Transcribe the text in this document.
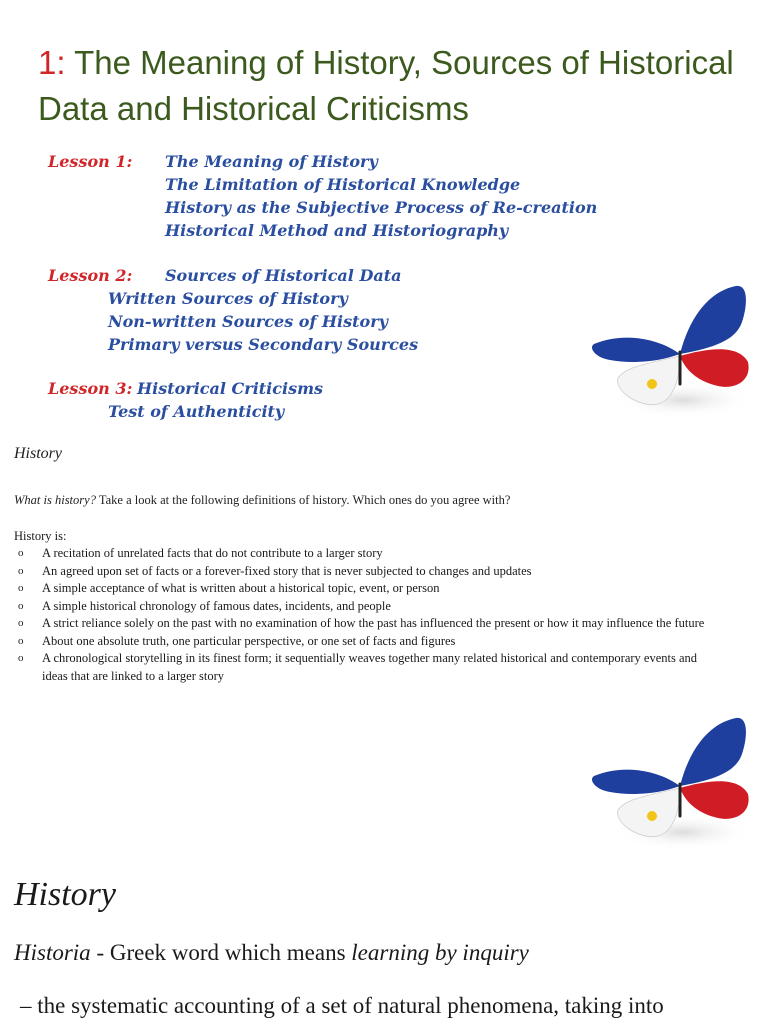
1: The Meaning of History, Sources of Historical Data and Historical Criticisms
Lesson 1: The Meaning of History
The Limitation of Historical Knowledge
History as the Subjective Process of Re-creation
Historical Method and Historiography
Lesson 2: Sources of Historical Data
Written Sources of History
Non-written Sources of History
Primary versus Secondary Sources
Lesson 3: Historical Criticisms
Test of Authenticity
History
What is history? Take a look at the following definitions of history. Which ones do you agree with?
History is:
o A recitation of unrelated facts that do not contribute to a larger story
o An agreed upon set of facts or a forever-fixed story that is never subjected to changes and updates
o A simple acceptance of what is written about a historical topic, event, or person
o A simple historical chronology of famous dates, incidents, and people
o A strict reliance solely on the past with no examination of how the past has influenced the present or how it may influence the future
o About one absolute truth, one particular perspective, or one set of facts and figures
o A chronological storytelling in its finest form; it sequentially weaves together many related historical and contemporary events and ideas that are linked to a larger story
History
Historia - Greek word which means learning by inquiry
– the systematic accounting of a set of natural phenomena, taking into
